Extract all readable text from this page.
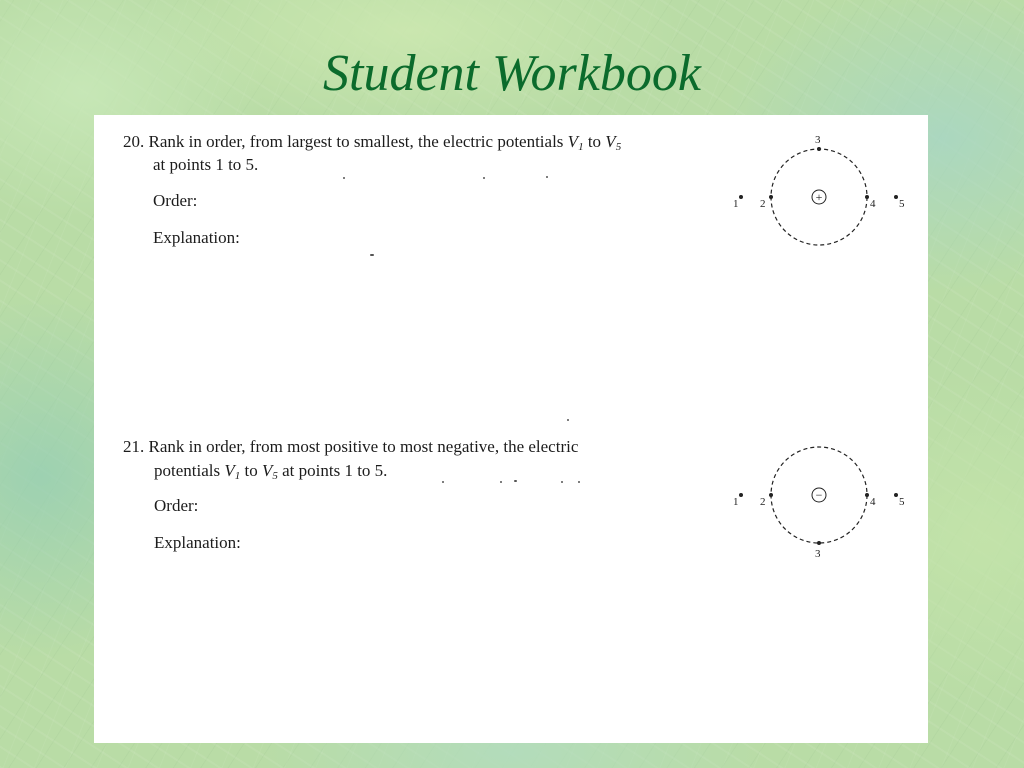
Student Workbook
20. Rank in order, from largest to smallest, the electric potentials $V_1$ to $V_5$
at points 1 to 5.
Order:
Explanation:
+
1 2
3
4 5
21. Rank in order, from most positive to most negative, the electric
potentials $V_1$ to $V_5$ at points 1 to 5.
Order:
Explanation:
−
1 2
3
4 5
